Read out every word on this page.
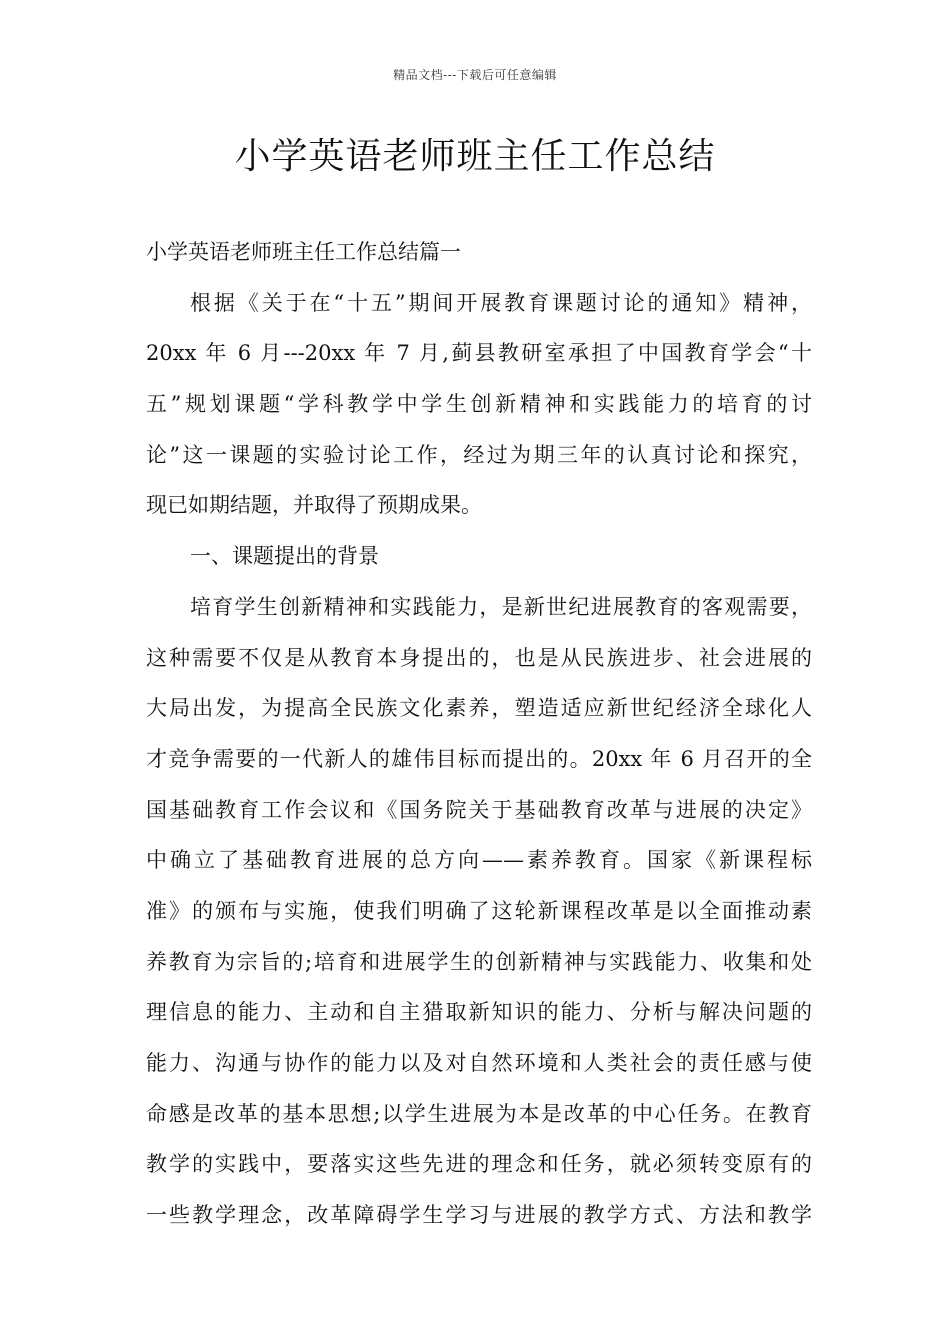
精品文档---下载后可任意编辑
小学英语老师班主任工作总结
小学英语老师班主任工作总结篇一
根据《关于在“十五”期间开展教育课题讨论的通知》精神，
20xx 年 6 月---20xx 年 7 月,蓟县教研室承担了中国教育学会“十
五”规划课题“学科教学中学生创新精神和实践能力的培育的讨
论”这一课题的实验讨论工作，经过为期三年的认真讨论和探究，
现已如期结题，并取得了预期成果。
一、课题提出的背景
培育学生创新精神和实践能力，是新世纪进展教育的客观需要，
这种需要不仅是从教育本身提出的，也是从民族进步、社会进展的
大局出发，为提高全民族文化素养，塑造适应新世纪经济全球化人
才竞争需要的一代新人的雄伟目标而提出的。20xx 年 6 月召开的全
国基础教育工作会议和《国务院关于基础教育改革与进展的决定》
中确立了基础教育进展的总方向——素养教育。国家《新课程标
准》的颁布与实施，使我们明确了这轮新课程改革是以全面推动素
养教育为宗旨的;培育和进展学生的创新精神与实践能力、收集和处
理信息的能力、主动和自主猎取新知识的能力、分析与解决问题的
能力、沟通与协作的能力以及对自然环境和人类社会的责任感与使
命感是改革的基本思想;以学生进展为本是改革的中心任务。在教育
教学的实践中，要落实这些先进的理念和任务，就必须转变原有的
一些教学理念，改革障碍学生学习与进展的教学方式、方法和教学
